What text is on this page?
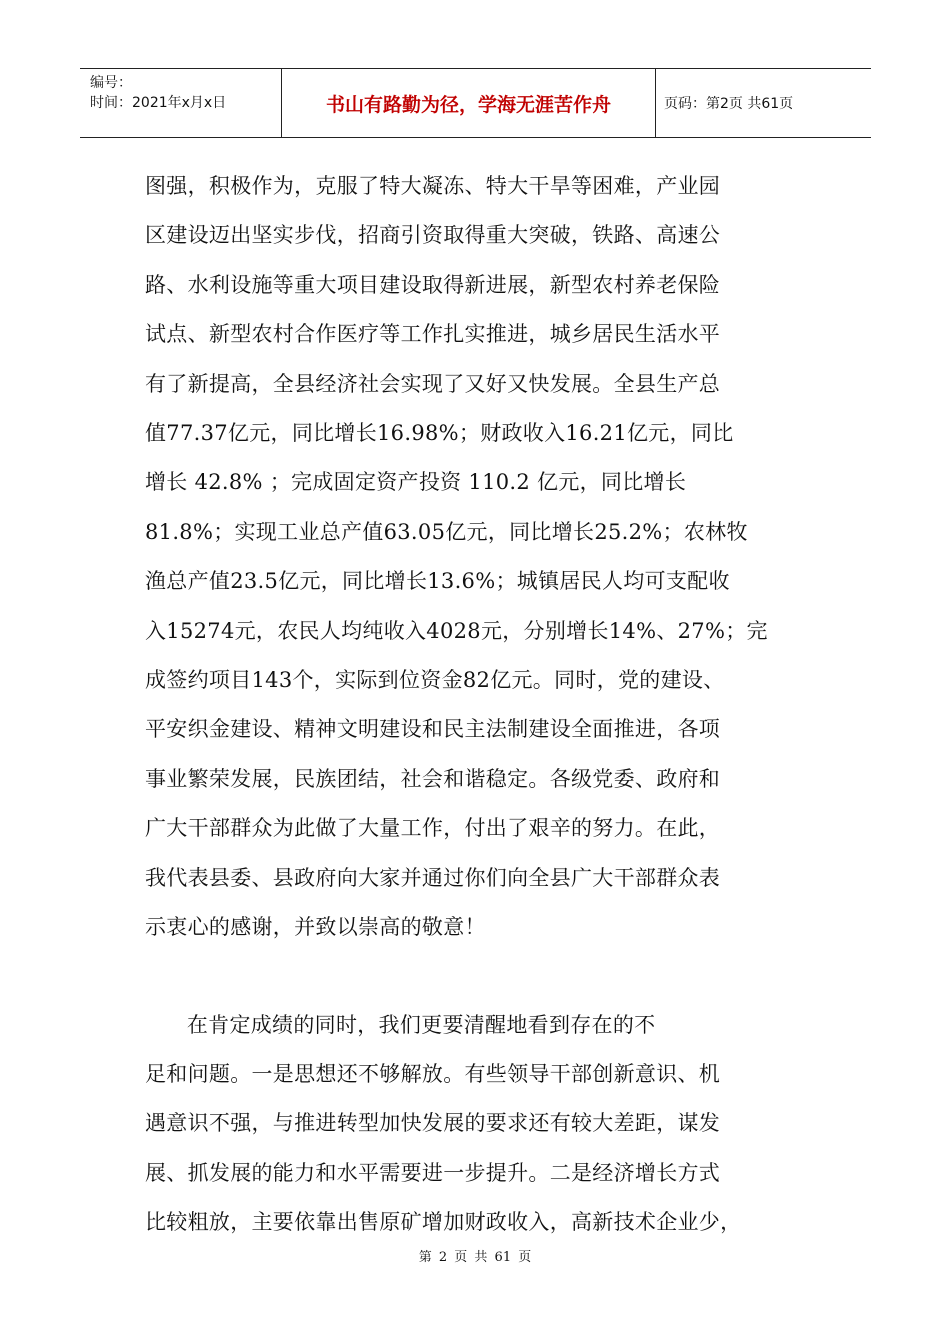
编号：
时间：2021年x月x日	书山有路勤为径，学海无涯苦作舟	页码：第2页 共61页

图强，积极作为，克服了特大凝冻、特大干旱等困难，产业园

区建设迈出坚实步伐，招商引资取得重大突破，铁路、高速公

路、水利设施等重大项目建设取得新进展，新型农村养老保险

试点、新型农村合作医疗等工作扎实推进，城乡居民生活水平

有了新提高，全县经济社会实现了又好又快发展。全县生产总

值77.37亿元，同比增长16.98%；财政收入16.21亿元，同比

增长 42.8% ；完成固定资产投资 110.2 亿元，同比增长

81.8%；实现工业总产值63.05亿元，同比增长25.2%；农林牧

渔总产值23.5亿元，同比增长13.6%；城镇居民人均可支配收

入15274元，农民人均纯收入4028元，分别增长14%、27%；完

成签约项目143个，实际到位资金82亿元。同时，党的建设、

平安织金建设、精神文明建设和民主法制建设全面推进，各项

事业繁荣发展，民族团结，社会和谐稳定。各级党委、政府和

广大干部群众为此做了大量工作，付出了艰辛的努力。在此，

我代表县委、县政府向大家并通过你们向全县广大干部群众表

示衷心的感谢，并致以崇高的敬意！

在肯定成绩的同时，我们更要清醒地看到存在的不

足和问题。一是思想还不够解放。有些领导干部创新意识、机

遇意识不强，与推进转型加快发展的要求还有较大差距，谋发

展、抓发展的能力和水平需要进一步提升。二是经济增长方式

比较粗放，主要依靠出售原矿增加财政收入，高新技术企业少，

第 2 页 共 61 页
